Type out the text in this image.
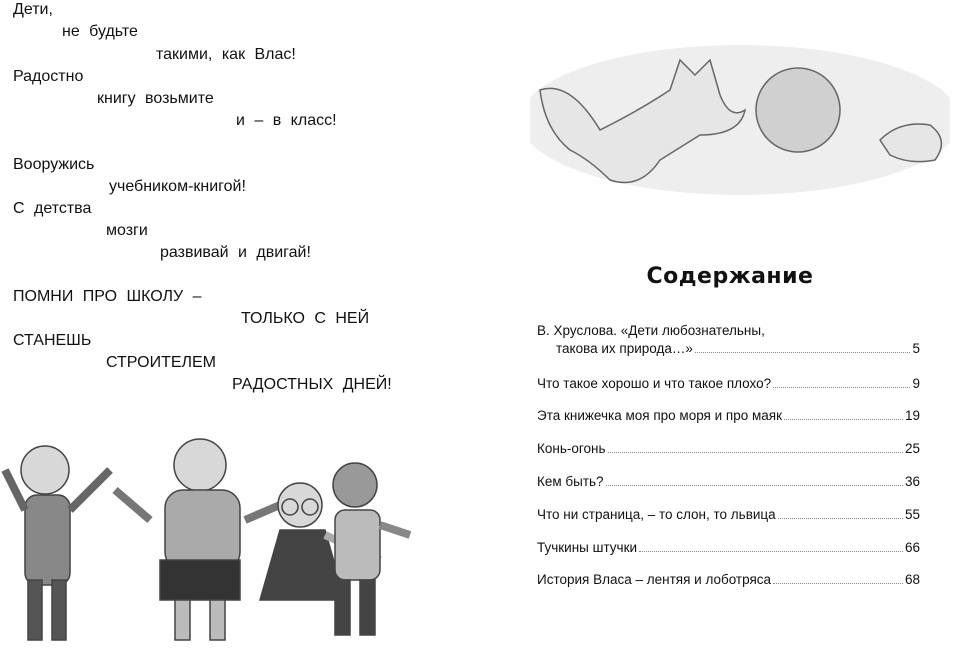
Дети,
не будьте
такими, как Влас!
Радостно
книгу возьмите
и – в класс!
Вооружись
учебником-книгой!
С детства
мозги
развивай и двигай!
ПОМНИ ПРО ШКОЛУ –
ТОЛЬКО С НЕЙ
СТАНЕШЬ
СТРОИТЕЛЕМ
РАДОСТНЫХ ДНЕЙ!
Содержание
В. Хруслова. «Дети любознательны,
такова их природа…»	5
Что такое хорошо и что такое плохо?	9
Эта книжечка моя про моря и про маяк	19
Конь-огонь	25
Кем быть?	36
Что ни страница, – то слон, то львица	55
Тучкины штучки	66
История Власа – лентяя и лоботряса	68
